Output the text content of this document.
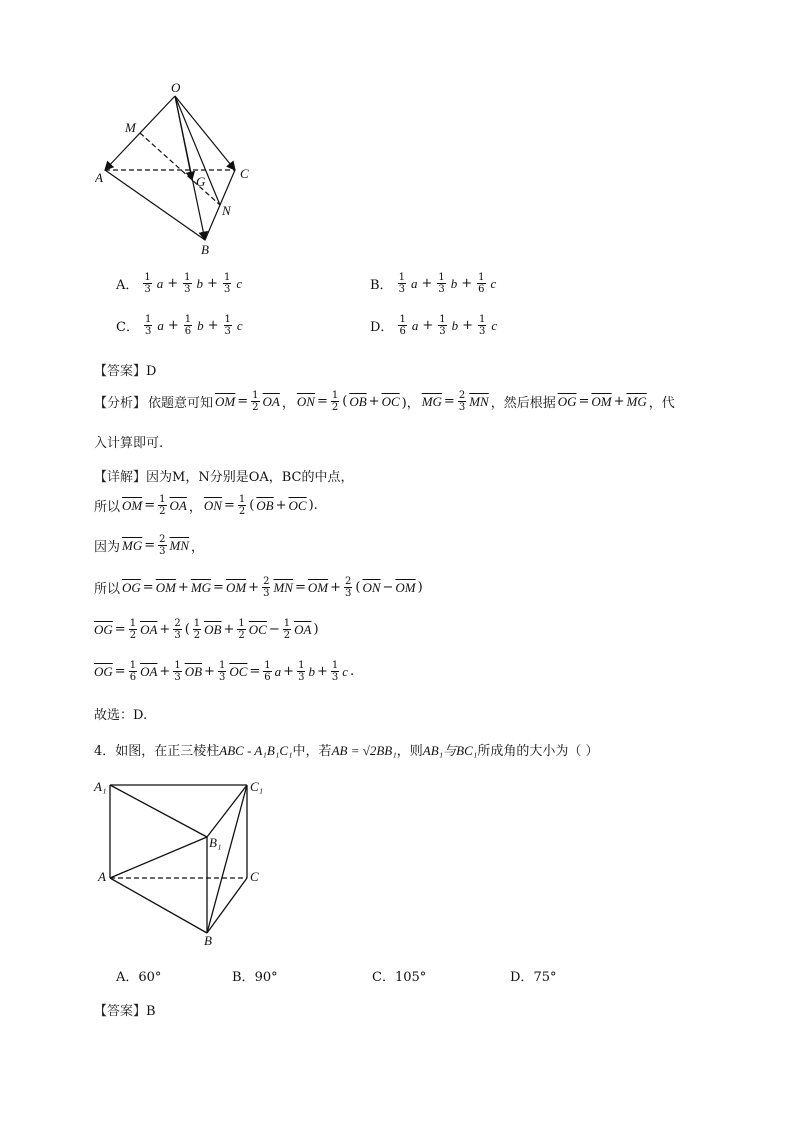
O
M
A	C
G
N
B
A． $\frac{1}{3}$ $a + \frac{1}{3}$ $b + \frac{1}{3}$ c	B． $\frac{1}{3}$ $a + \frac{1}{3}$ $b + \frac{1}{6}$ c
C． $\frac{1}{3}$ $a + \frac{1}{6}$ $b + \frac{1}{3}$ c	D． $\frac{1}{6}$ $a + \frac{1}{3}$ $b + \frac{1}{3}$ c
【答案】D
【分析】 依题意可知 $\overline{OM} = \frac{1}{2} \overline{OA}$ ， $\overline{ON} = \frac{1}{2}$ ( $\overline{OB} + \overline{OC}$ )， $\overline{MG} = \frac{2}{3} \overline{MN}$ ，然后根据 $\overline{OG} = \overline{OM} + \overline{MG}$ ，代
入计算即可.
【详解】因为M，N分别是OA，BC的中点，
所以 $\overline{OM} = \frac{1}{2} \overline{OA}$ ， $\overline{ON} = \frac{1}{2}$ ( $\overline{OB} + \overline{OC}$ ).
因为 $\overline{MG} = \frac{2}{3} \overline{MN}$ ，
所以 $\overline{OG} = \overline{OM} + \overline{MG} = \overline{OM} + \frac{2}{3} \overline{MN} = \overline{OM} + \frac{2}{3}$ ( $\overline{ON} - \overline{OM}$ )
$\overline{OG} = \frac{1}{2} \overline{OA} + \frac{2}{3}$ ( $\frac{1}{2} \overline{OB} + \frac{1}{2} \overline{OC} - \frac{1}{2} \overline{OA}$ )
$\overline{OG} = \frac{1}{6} \overline{OA} + \frac{1}{3} \overline{OB} + \frac{1}{3} \overline{OC} = \frac{1}{6}$ $a + \frac{1}{3}$ $b + \frac{1}{3}$ c .
故选：D.
4．如图，在正三棱柱ABC - A₁B₁C₁中，若AB = √2BB₁，则AB₁与BC₁所成角的大小为（ ）
A₁	C₁
B₁
A	C
B
A．60°	B．90°	C．105°	D．75°
【答案】B
